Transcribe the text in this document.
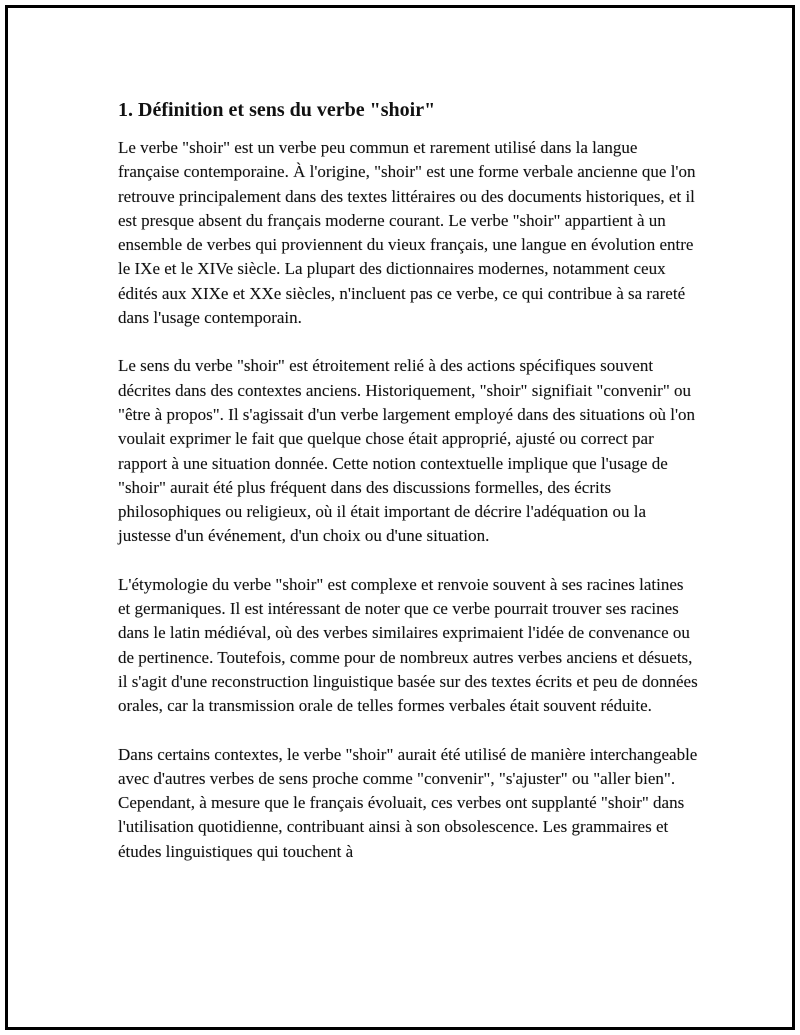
1. Définition et sens du verbe "shoir"

Le verbe "shoir" est un verbe peu commun et rarement utilisé dans la langue française contemporaine. À l'origine, "shoir" est une forme verbale ancienne que l'on retrouve principalement dans des textes littéraires ou des documents historiques, et il est presque absent du français moderne courant. Le verbe "shoir" appartient à un ensemble de verbes qui proviennent du vieux français, une langue en évolution entre le IXe et le XIVe siècle. La plupart des dictionnaires modernes, notamment ceux édités aux XIXe et XXe siècles, n'incluent pas ce verbe, ce qui contribue à sa rareté dans l'usage contemporain.

Le sens du verbe "shoir" est étroitement relié à des actions spécifiques souvent décrites dans des contextes anciens. Historiquement, "shoir" signifiait "convenir" ou "être à propos". Il s'agissait d'un verbe largement employé dans des situations où l'on voulait exprimer le fait que quelque chose était approprié, ajusté ou correct par rapport à une situation donnée. Cette notion contextuelle implique que l'usage de "shoir" aurait été plus fréquent dans des discussions formelles, des écrits philosophiques ou religieux, où il était important de décrire l'adéquation ou la justesse d'un événement, d'un choix ou d'une situation.

L'étymologie du verbe "shoir" est complexe et renvoie souvent à ses racines latines et germaniques. Il est intéressant de noter que ce verbe pourrait trouver ses racines dans le latin médiéval, où des verbes similaires exprimaient l'idée de convenance ou de pertinence. Toutefois, comme pour de nombreux autres verbes anciens et désuets, il s'agit d'une reconstruction linguistique basée sur des textes écrits et peu de données orales, car la transmission orale de telles formes verbales était souvent réduite.

Dans certains contextes, le verbe "shoir" aurait été utilisé de manière interchangeable avec d'autres verbes de sens proche comme "convenir", "s'ajuster" ou "aller bien". Cependant, à mesure que le français évoluait, ces verbes ont supplanté "shoir" dans l'utilisation quotidienne, contribuant ainsi à son obsolescence. Les grammaires et études linguistiques qui touchent à
